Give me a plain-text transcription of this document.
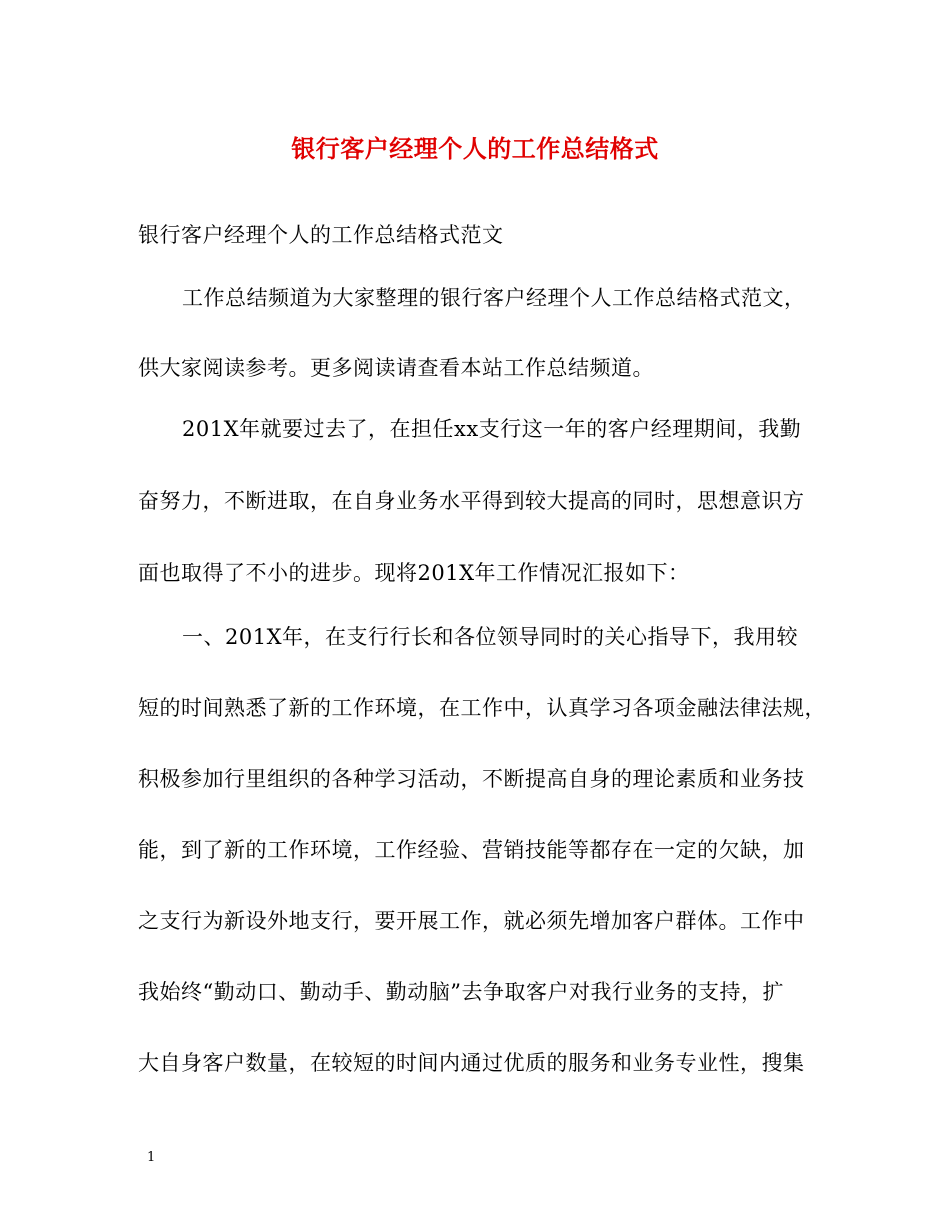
银行客户经理个人的工作总结格式
银行客户经理个人的工作总结格式范文
工作总结频道为大家整理的银行客户经理个人工作总结格式范文，
供大家阅读参考。更多阅读请查看本站工作总结频道。
201X年就要过去了，在担任xx支行这一年的客户经理期间，我勤
奋努力，不断进取，在自身业务水平得到较大提高的同时，思想意识方
面也取得了不小的进步。现将201X年工作情况汇报如下：
一、201X年，在支行行长和各位领导同时的关心指导下，我用较
短的时间熟悉了新的工作环境，在工作中，认真学习各项金融法律法规，
积极参加行里组织的各种学习活动，不断提高自身的理论素质和业务技
能，到了新的工作环境，工作经验、营销技能等都存在一定的欠缺，加
之支行为新设外地支行，要开展工作，就必须先增加客户群体。工作中
我始终“勤动口、勤动手、勤动脑”去争取客户对我行业务的支持，扩
大自身客户数量，在较短的时间内通过优质的服务和业务专业性，搜集
1
